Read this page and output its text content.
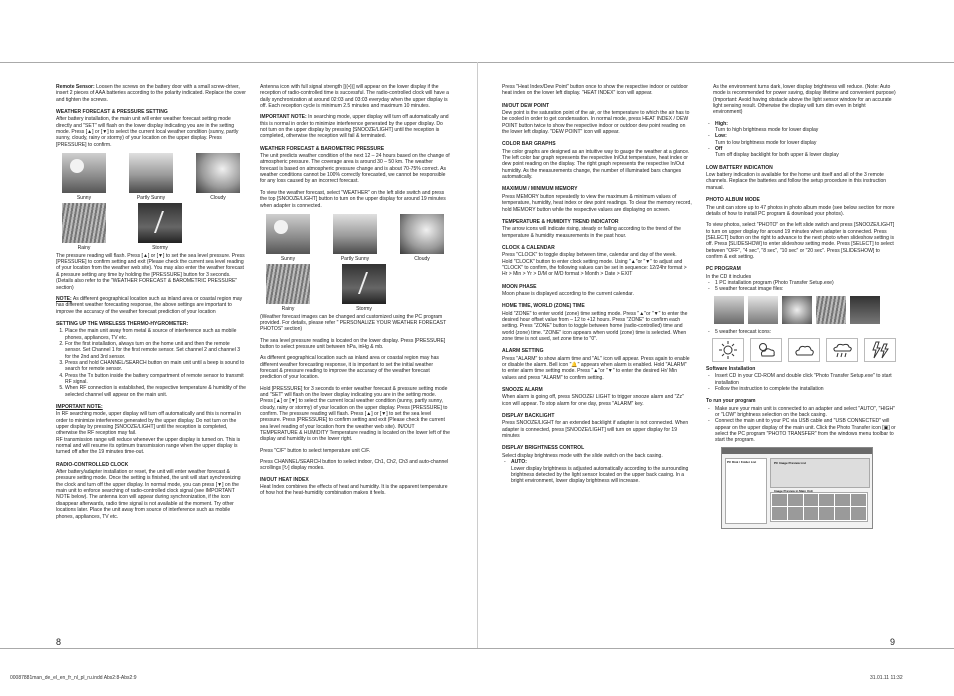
Remote Sensor: Loosen the screws on the battery door with a small screw-driver, insert 2 pieces of AAA batteries according to the polarity indicated. Replace the cover and tighten the screws.

WEATHER FORECAST & PRESSURE SETTING

After battery installation, the main unit will enter weather forecast setting mode directly and "SET" will flash on the lower display indicating you are in the setting mode. Press [▲] or [▼] to select the current local weather condition (sunny, partly sunny, cloudy, rainy or stormy) of your location on the upper display. Press [PRESSURE] to confirm.

Sunny	Partly Sunny	Cloudy
Rainy	Stormy

The pressure reading will flash. Press [▲] or [▼] to set the sea level pressure. Press [PRESSURE] to confirm setting and exit (Please check the current sea level reading of your location from the weather web site). You may also enter the weather forecast & pressure setting any time by holding the [PRESSURE] button for 3 seconds. (Details also refer to the "WEATHER FORECAST & BAROMETRIC PRESSURE" section)

NOTE: As different geographical location such as inland area or coastal region may has different weather forecasting response, the above settings are important to improve the accuracy of the weather forecast prediction of your location

SETTING UP THE WIRELESS THERMO-HYGROMETER:
1. Place the main unit away from metal & source of interference such as mobile phones, appliances, TV etc.
2. For the first installation, always turn on the home unit and then the remote sensor. Set Channel 1 for the first remote sensor. Set channel 2 and channel 3 for the 2nd and 3rd sensor.
3. Press and hold CHANNEL/SEARCH button on main unit until a beep is sound to search for remote sensor.
4. Press the Tx button inside the battery compartment of remote sensor to transmit RF signal.
5. When RF connection is established, the respective temperature & humidity of the selected channel will appear on the main unit.
IMPORTANT NOTE:

In RF searching mode, upper display will turn off automatically and this is normal in order to minimize interference generated by the upper display. Do not turn on the upper display by pressing [SNOOZE/LIGHT] until the reception is completed, otherwise the RF reception may fail.

RF transmission range will reduce whenever the upper display is turned on. This is normal and will resume its optimum transmission range when the upper display is turned off after the 19 minutes time-out.

RADIO-CONTROLLED CLOCK

After battery/adapter installation or reset, the unit will enter weather forecast & pressure setting mode. Once the setting is finished, the unit will start synchronizing the clock and turn off the upper display. In normal mode, you can press [▼] on the main unit to enforce searching of radio-controlled clock signal (see IMPORTANT NOTE below). The antenna icon will appear during synchronization, if the icon disappear afterwards, radio time signal is not available at the moment. Try other locations later. Place the unit away from source of interference such as mobile phones, appliances, TV etc.

Antenna icon with full signal strength [((•))] will appear on the lower display if the reception of radio-controlled time is successful. The radio-controlled clock will have a daily synchronization at around 02:03 and 03:03 everyday when the upper display is off. Each reception cycle is minimum 2.5 minutes and maximum 10 minutes.

IMPORTANT NOTE: In searching mode, upper display will turn off automatically and this is normal in order to minimize interference generated by the upper display. Do not turn on the upper display by pressing [SNOOZE/LIGHT] until the reception is completed, otherwise the reception will fail & terminated.

WEATHER FORECAST & BAROMETRIC PRESSURE

The unit predicts weather condition of the next 12 – 24 hours based on the change of atmospheric pressure. The coverage area is around 30 – 50 km. The weather forecast is based on atmospheric pressure change and is about 70-75% correct. As weather conditions cannot be 100% correctly forecasted, we cannot be responsible for any loss caused by an incorrect forecast.

To view the weather forecast, select "WEATHER" on the left slide switch and press the top [SNOOZE/LIGHT] button to turn on the upper display for around 19 minutes when adapter is connected.

Sunny	Partly Sunny	Cloudy
Rainy	Stormy

(Weather forecast images can be changed and customized using the PC program provided. For details, please refer " PERSONALIZE YOUR WEATHER FORECAST PHOTOS" section)

The sea level pressure reading is located on the lower display. Press [PRESSURE] button to select pressure unit between hPa, inHg & mb.

As different geographical location such as inland area or coastal region may has different weather forecasting response, it is important to set the initial weather forecast & pressure reading to improve the accuracy of the weather forecast prediction of your location.

Hold [PRESSURE] for 3 seconds to enter weather forecast & pressure setting mode and "SET" will flash on the lower display indicating you are in the setting mode. Press [▲] or [▼] to select the current local weather condition (sunny, partly sunny, cloudy, rainy or stormy) of your location on the upper display. Press [PRESSURE] to confirm. The pressure reading will flash. Press [▲] or [▼] to set the sea level pressure. Press [PRESSURE] to confirm setting and exit (Please check the current sea level reading of your location from the weather web site). IN/OUT TEMPERATURE & HUMIDITY Temperature reading is located on the lower left of the display and humidity is on the lower right.

Press "C/F" button to select temperature unit C/F.

Press CHANNEL/SEARCH button to select indoor, Ch1, Ch2, Ch3 and auto-channel scrollings [↻] display modes.

IN/OUT HEAT INDEX

Heat Index combines the effects of heat and humidity. It is the apparent temperature of how hot the heat-humidity combination makes it feels.

Press "Heat Index/Dew Point" button once to show the respective indoor or outdoor heat index on the lower left display. "HEAT INDEX" icon will appear.

IN/OUT DEW POINT

Dew point is the saturation point of the air, or the temperature to which the air has to be cooled in order to get condensation. In normal mode, press HEAT INDEX / DEW POINT button twice to show the respective indoor or outdoor dew point reading on the lower left display. "DEW POINT" icon will appear.

COLOR BAR GRAPHS

The color graphs are designed as an intuitive way to gauge the weather at a glance. The left color bar graph represents the respective In/Out temperature, heat index or dew point reading on the display. The right graph represents the respective In/Out humidity. As the measurements change, the number of illuminated bars changes automatically.

MAXIMUM / MINIMUM MEMORY

Press MEMORY button repeatedly to view the maximum & minimum values of temperature, humidity, heat index or dew point readings. To clear the memory record, hold MEMORY button while the respective values are displaying on screen.

TEMPERATURE & HUMIDITY TREND INDICATOR

The arrow icons will indicate rising, steady or falling according to the trend of the temperature & humidity measurements in the past hour.

CLOCK & CALENDAR

Press "CLOCK" to toggle display between time, calendar and day of the week.

Hold "CLOCK" button to enter clock setting mode. Using "▲"or "▼" to adjust and "CLOCK" to confirm, the following values can be set in sequence: 12/24hr format > Hr > Min > Yr > D/M or M/D format > Month > Date > EXIT

MOON PHASE

Moon phase is displayed according to the current calendar.

HOME TIME, WORLD (ZONE) TIME

Hold "ZONE" to enter world (zone) time setting mode. Press "▲"or "▼" to enter the desired hour offset value from – 12 to +12 hours. Press "ZONE" to confirm each setting. Press "ZONE" button to toggle between home (radio-controlled) time and world (zone) time. "ZONE" icon appears when world (zone) time is selected. When zone time is not used, set zone time to "0".

ALARM SETTING

Press "ALARM" to show alarm time and "AL" icon will appear. Press again to enable or disable the alarm. Bell icon "🔔" appears when alarm is enabled. Hold "ALARM" to enter alarm time setting mode. Press "▲"or "▼" to enter the desired Hr/ Min values and press "ALARM" to confirm setting.

SNOOZE ALARM

When alarm is going off, press SNOOZE/ LIGHT to trigger snooze alarm and "Zz" icon will appear. To stop alarm for one day, press "ALARM" key.

DISPLAY BACKLIGHT

Press SNOOZE/LIGHT for an extended backlight if adapter is not connected. When adapter is connected, press [SNOOZE/LIGHT] will turn on upper display for 19 minutes

DISPLAY BRIGHTNESS CONTROL

Select display brightness mode with the slide switch on the back casing.

- AUTO:
Lower display brightness is adjusted automatically according to the surrounding brightness detected by the light sensor located on the upper back casing. In a bright environment, lower display brightness will increase.

As the environment turns dark, lower display brightness will reduce. (Note: Auto mode is recommended for power saving, display lifetime and convenient purpose) (Important: Avoid having obstacle above the light sensor window for an accurate light sensing result. Otherwise the display will turn dim even in bright environment)

- High:
Turn to high brightness mode for lower display
- Low:
Turn to low brightness mode for lower display
- Off
Turn off display backlight for both upper & lower display
LOW BATTERY INDICATION

Low battery indication is available for the home unit itself and all of the 3 remote channels. Replace the batteries and follow the setup procedure in this instruction manual.

PHOTO ALBUM MODE

The unit can store up to 47 photos in photo album mode (see below section for more details of how to install PC program & download your photos).

To view photos, select "PHOTO" on the left slide switch and press [SNOOZE/LIGHT] to turn on upper display for around 19 minutes when adapter is connected. Press [SELECT] button on the right to advance to the next photo when slideshow setting is off. Press [SLIDESHOW] to enter slideshow setting mode. Press [SELECT] to select between "OFF", "4 sec", "8 sec", "10 sec" or "20 sec". Press [SLIDESHOW] to confirm & exit setting.

PC PROGRAM

In the CD it includes

- 1 PC installation program (Photo Transfer Setup.exe)
- 5 weather forecast image files:
- 5 weather forecast icons:
Software Installation
- Insert CD in your CD-ROM and double click "Photo Transfer Setup.exe" to start installation
- Follow the instruction to complete the installation
To run your program
- Make sure your main unit is connected to an adapter and select "AUTO", "HIGH" or "LOW" brightness selection on the back casing.
- Connect the main unit to your PC via USB cable and "USB CONNECTED" will appear on the upper display of the main unit. Click the Photo Transfer icon [▣] or select the PC program "PHOTO TRANSFER" from the windows menu toolbar to start the program.
PC Disk / Folder List	PC Image Preview List
Image Preview in Main Unit
8	9
00087881man_de_el_en_fr_nl_pl_ru.indd Abs2:8-Abs2:9	31.01.11 11:32
